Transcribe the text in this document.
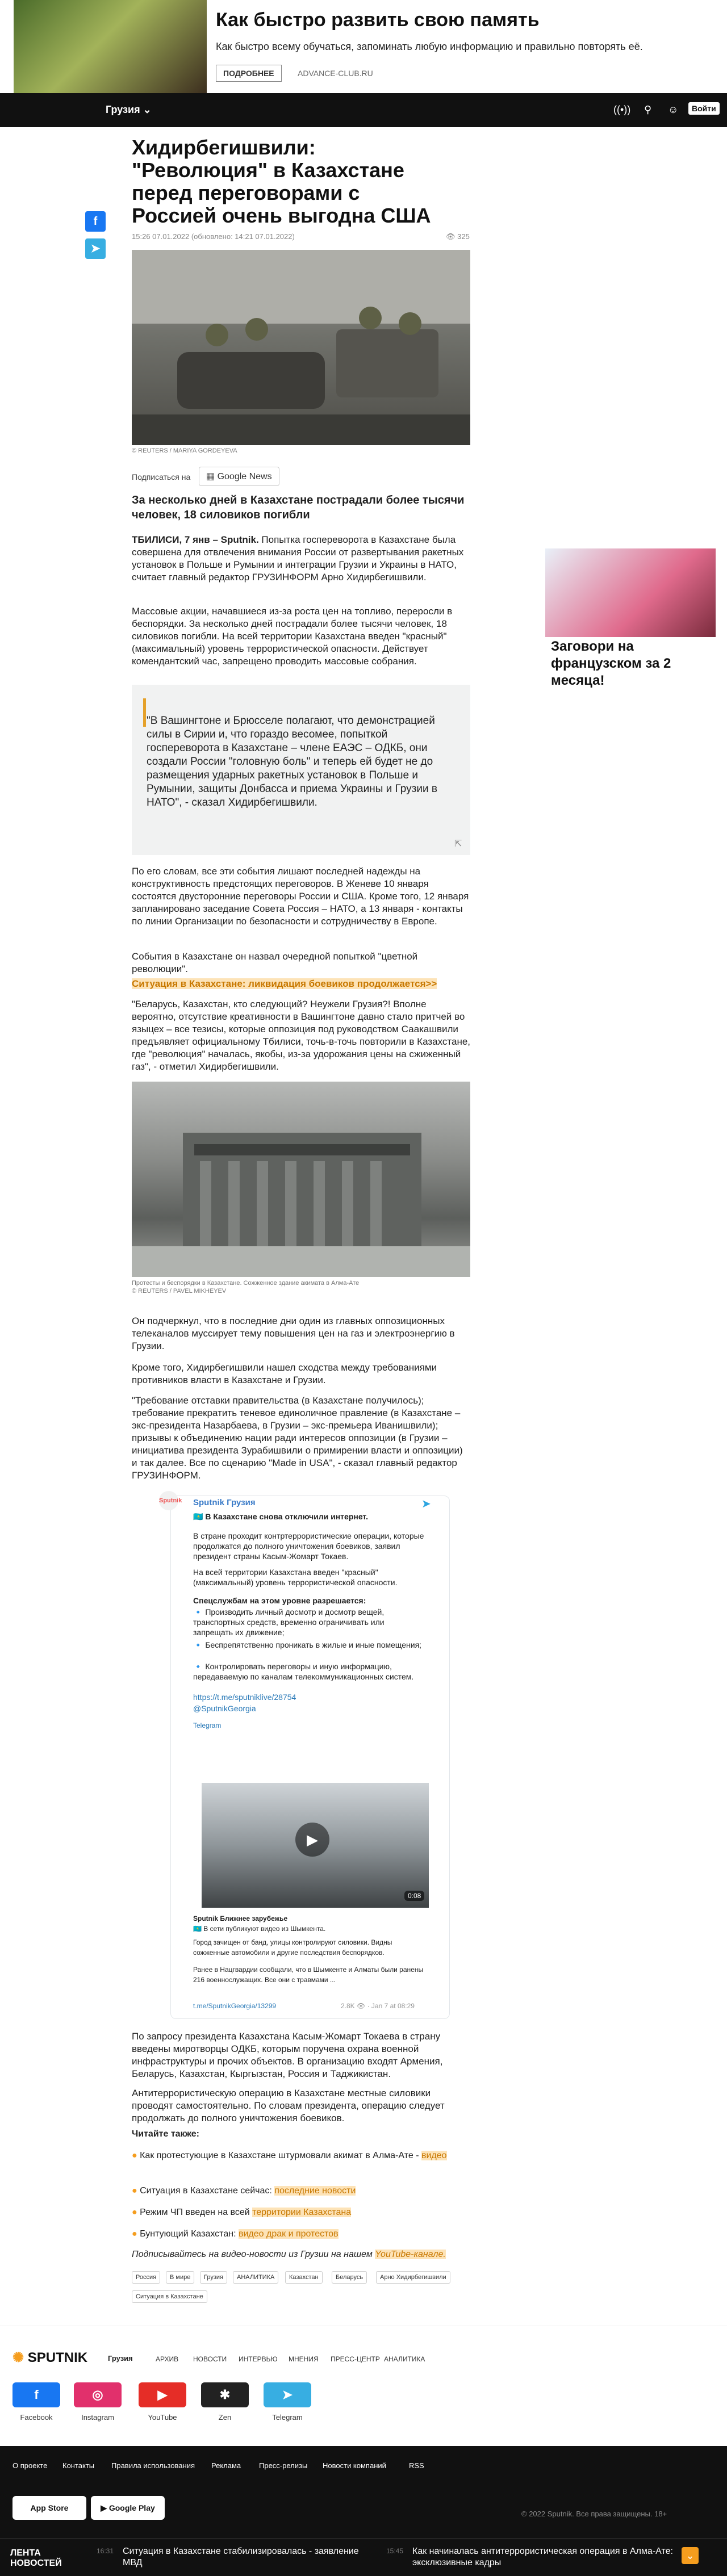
Как быстро развить свою память
Как быстро всему обучаться, запоминать любую информацию и правильно повторять её.
ПОДРОБНЕЕ	ADVANCE-CLUB.RU
Грузия ⌄	((•)) ⚲ ☺	Войти
f
➤
Хидирбегишвили: "Революция" в Казахстане перед переговорами с Россией очень выгодна США
15:26 07.01.2022 (обновлено: 14:21 07.01.2022)	👁 325
© REUTERS / MARIYA GORDEYEVA
Подписаться на	▦ Google News
За несколько дней в Казахстане пострадали более тысячи человек, 18 силовиков погибли
ТБИЛИСИ, 7 янв – Sputnik. Попытка госпереворота в Казахстане была совершена для отвлечения внимания России от развертывания ракетных установок в Польше и Румынии и интеграции Грузии и Украины в НАТО, считает главный редактор ГРУЗИНФОРМ Арно Хидирбегишвили.
Массовые акции, начавшиеся из-за роста цен на топливо, переросли в беспорядки. За несколько дней пострадали более тысячи человек, 18 силовиков погибли. На всей территории Казахстана введен "красный" (максимальный) уровень террористической опасности. Действует комендантский час, запрещено проводить массовые собрания.
"В Вашингтоне и Брюсселе полагают, что демонстрацией силы в Сирии и, что гораздо весомее, попыткой госпереворота в Казахстане – члене ЕАЭС – ОДКБ, они создали России "головную боль" и теперь ей будет не до размещения ударных ракетных установок в Польше и Румынии, защиты Донбасса и приема Украины и Грузии в НАТО", - сказал Хидирбегишвили.
⇱
По его словам, все эти события лишают последней надежды на конструктивность предстоящих переговоров. В Женеве 10 января состоятся двусторонние переговоры России и США. Кроме того, 12 января запланировано заседание Совета Россия – НАТО, а 13 января - контакты по линии Организации по безопасности и сотрудничеству в Европе.
События в Казахстане он назвал очередной попыткой "цветной революции".
Ситуация в Казахстане: ликвидация боевиков продолжается>>
"Беларусь, Казахстан, кто следующий? Неужели Грузия?! Вполне вероятно, отсутствие креативности в Вашингтоне давно стало притчей во языцех – все тезисы, которые оппозиция под руководством Саакашвили предъявляет официальному Тбилиси, точь-в-точь повторили в Казахстане, где "революция" началась, якобы, из-за удорожания цены на сжиженный газ", - отметил Хидирбегишвили.
Протесты и беспорядки в Казахстане. Сожженное здание акимата в Алма-Ате
© REUTERS / PAVEL MIKHEYEV
Он подчеркнул, что в последние дни один из главных оппозиционных телеканалов муссирует тему повышения цен на газ и электроэнергию в Грузии.
Кроме того, Хидирбегишвили нашел сходства между требованиями противников власти в Казахстане и Грузии.
"Требование отставки правительства (в Казахстане получилось); требование прекратить теневое единоличное правление (в Казахстане – экс-президента Назарбаева, в Грузии – экс-премьера Иванишвили); призывы к объединению нации ради интересов оппозиции (в Грузии – инициатива президента Зурабишвили о примирении власти и оппозиции) и так далее. Все по сценарию "Made in USA", - сказал главный редактор ГРУЗИНФОРМ.
Sputnik Sputnik Грузия	➤
🇰🇿 В Казахстане снова отключили интернет.
В стране проходит контртеррористические операции, которые продолжатся до полного уничтожения боевиков, заявил президент страны Касым-Жомарт Токаев.
На всей территории Казахстана введен "красный" (максимальный) уровень террористической опасности.
Спецслужбам на этом уровне разрешается:
🔹 Производить личный досмотр и досмотр вещей, транспортных средств, временно ограничивать или запрещать их движение;
🔹 Беспрепятственно проникать в жилые и иные помещения;
🔹 Контролировать переговоры и иную информацию, передаваемую по каналам телекоммуникационных систем.
https://t.me/sputniklive/28754
@SputnikGeorgia
Telegram
▶
0:08
Sputnik Ближнее зарубежье
🇰🇿 В сети публикуют видео из Шымкента.
Город зачищен от банд, улицы контролируют силовики. Видны сожженные автомобили и другие последствия беспорядков.
Ранее в Нацгвардии сообщали, что в Шымкенте и Алматы были ранены 216 военнослужащих. Все они с травмами ...
t.me/SputnikGeorgia/13299	2.8K 👁 · Jan 7 at 08:29
По запросу президента Казахстана Касым-Жомарт Токаева в страну введены миротворцы ОДКБ, которым поручена охрана военной инфраструктуры и прочих объектов. В организацию входят Армения, Беларусь, Казахстан, Кыргызстан, Россия и Таджикистан.
Антитеррористическую операцию в Казахстане местные силовики проводят самостоятельно. По словам президента, операцию следует продолжать до полного уничтожения боевиков.
Читайте также:
● Как протестующие в Казахстане штурмовали акимат в Алма-Ате - видео
● Ситуация в Казахстане сейчас: последние новости
● Режим ЧП введен на всей территории Казахстана
● Бунтующий Казахстан: видео драк и протестов
Подписывайтесь на видео-новости из Грузии на нашем YouTube-канале.
Россия	В мире	Грузия	АНАЛИТИКА	Казахстан	Беларусь	Арно Хидирбегишвили
Ситуация в Казахстане
Заговори на французском за 2 месяца!
✺ SPUTNIK	Грузия	АРХИВ НОВОСТИ ИНТЕРВЬЮ МНЕНИЯ ПРЕСС-ЦЕНТР АНАЛИТИКА
f
Facebook
◎
Instagram
▶
YouTube
✱
Zen
➤
Telegram
О проекте Контакты Правила использования Реклама Пресс-релизы Новости компаний	RSS
App Store	▶ Google Play
© 2022 Sputnik. Все права защищены. 18+
ЛЕНТА НОВОСТЕЙ
16:31 Ситуация в Казахстане стабилизировалась - заявление МВД
15:45 Как начиналась антитеррористическая операция в Алма-Ате: эксклюзивные кадры
⌄
